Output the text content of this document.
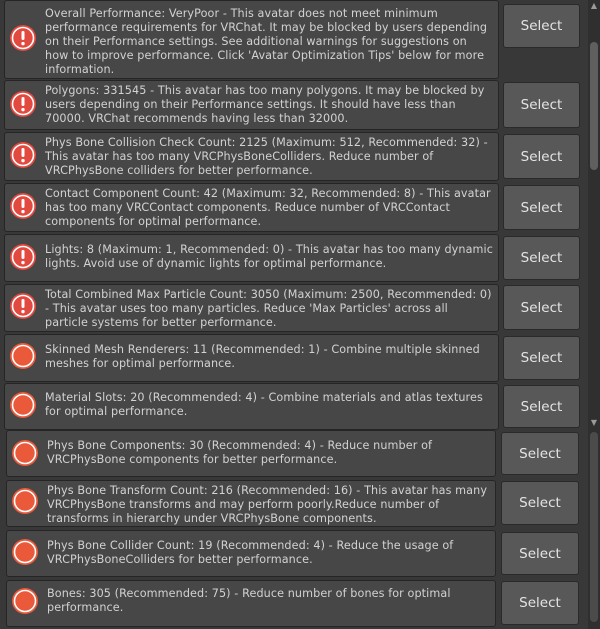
Overall Performance: VeryPoor - This avatar does not meet minimum performance requirements for VRChat. It may be blocked by users depending on their Performance settings. See additional warnings for suggestions on how to improve performance. Click 'Avatar Optimization Tips' below for more information.
Select
Polygons: 331545 - This avatar has too many polygons. It may be blocked by users depending on their Performance settings. It should have less than 70000. VRChat recommends having less than 32000.
Select
Phys Bone Collision Check Count: 2125 (Maximum: 512, Recommended: 32) - This avatar has too many VRCPhysBoneColliders. Reduce number of VRCPhysBone colliders for better performance.
Select
Contact Component Count: 42 (Maximum: 32, Recommended: 8) - This avatar has too many VRCContact components. Reduce number of VRCContact components for optimal performance.
Select
Lights: 8 (Maximum: 1, Recommended: 0) - This avatar has too many dynamic lights. Avoid use of dynamic lights for optimal performance.	Select
Total Combined Max Particle Count: 3050 (Maximum: 2500, Recommended: 0) - This avatar uses too many particles. Reduce 'Max Particles' across all particle systems for better performance.
Select
Skinned Mesh Renderers: 11 (Recommended: 1) - Combine multiple skinned meshes for optimal performance.	Select
Material Slots: 20 (Recommended: 4) - Combine materials and atlas textures for optimal performance.	Select
Phys Bone Components: 30 (Recommended: 4) - Reduce number of VRCPhysBone components for better performance.	Select
Phys Bone Transform Count: 216 (Recommended: 16) - This avatar has many VRCPhysBone transforms and may perform poorly.Reduce number of transforms in hierarchy under VRCPhysBone components.
Select
Phys Bone Collider Count: 19 (Recommended: 4) - Reduce the usage of VRCPhysBoneColliders for better performance.	Select
Bones: 305 (Recommended: 75) - Reduce number of bones for optimal performance.	Select
▲
▼
